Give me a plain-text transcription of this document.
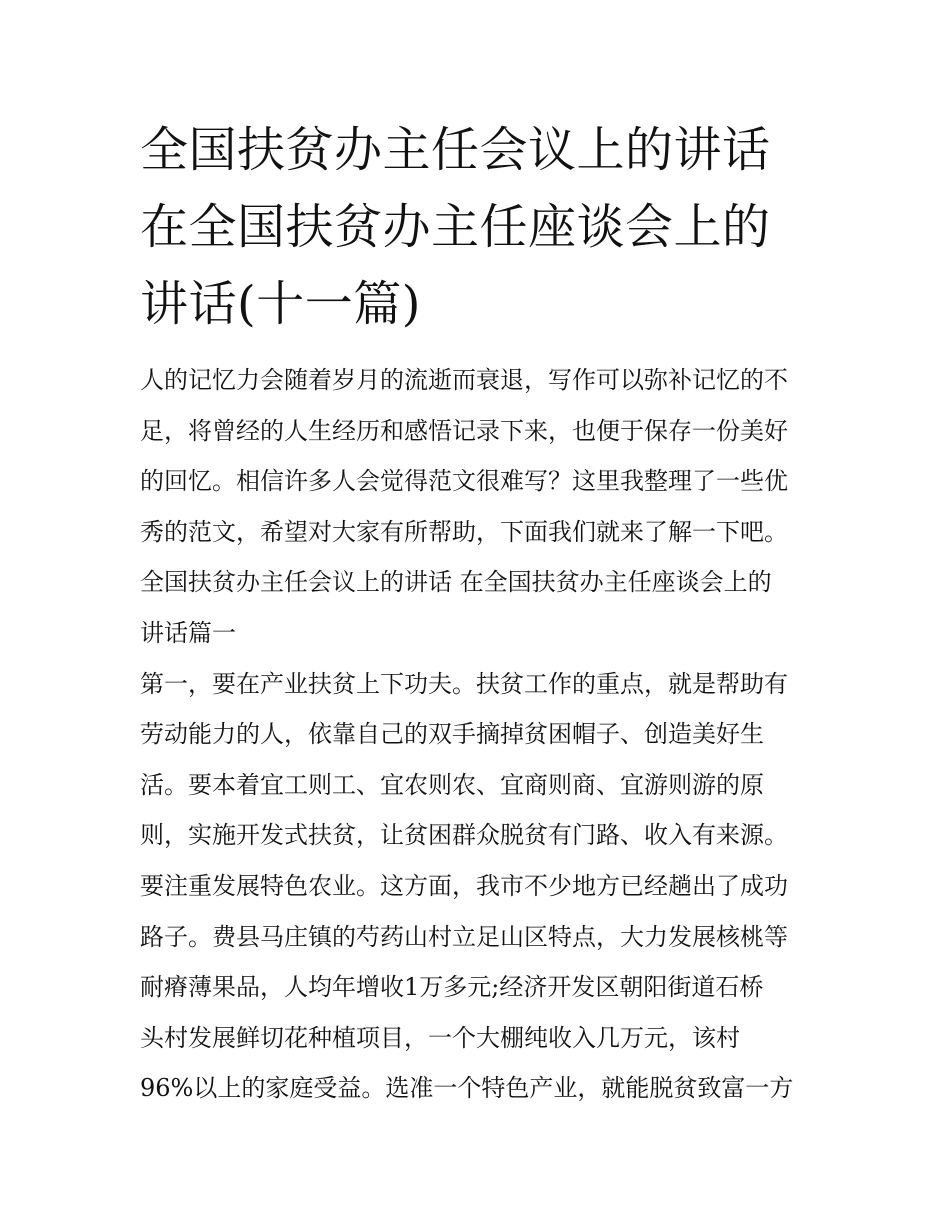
全国扶贫办主任会议上的讲话
在全国扶贫办主任座谈会上的
讲话(十一篇)
人的记忆力会随着岁月的流逝而衰退，写作可以弥补记忆的不
足，将曾经的人生经历和感悟记录下来，也便于保存一份美好
的回忆。相信许多人会觉得范文很难写？这里我整理了一些优
秀的范文，希望对大家有所帮助，下面我们就来了解一下吧。
全国扶贫办主任会议上的讲话 在全国扶贫办主任座谈会上的
讲话篇一
第一，要在产业扶贫上下功夫。扶贫工作的重点，就是帮助有
劳动能力的人，依靠自己的双手摘掉贫困帽子、创造美好生
活。要本着宜工则工、宜农则农、宜商则商、宜游则游的原
则，实施开发式扶贫，让贫困群众脱贫有门路、收入有来源。
要注重发展特色农业。这方面，我市不少地方已经趟出了成功
路子。费县马庄镇的芍药山村立足山区特点，大力发展核桃等
耐瘠薄果品，人均年增收1万多元;经济开发区朝阳街道石桥
头村发展鲜切花种植项目，一个大棚纯收入几万元，该村
96%以上的家庭受益。选准一个特色产业，就能脱贫致富一方
